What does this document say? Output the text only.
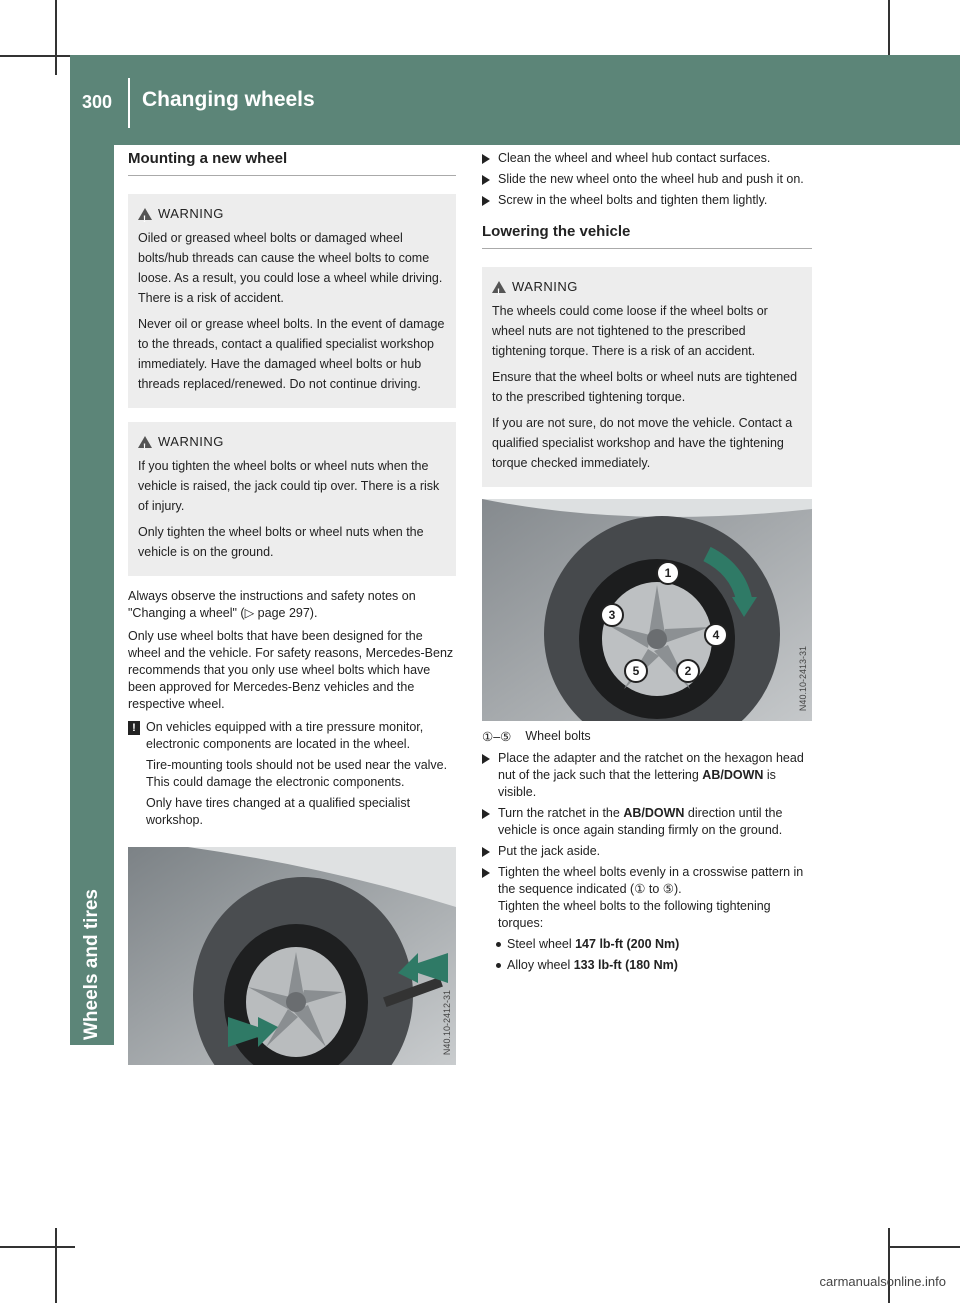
300 Changing wheels
Wheels and tires
Mounting a new wheel
!
WARNING

Oiled or greased wheel bolts or damaged wheel bolts/hub threads can cause the wheel bolts to come loose. As a result, you could lose a wheel while driving. There is a risk of accident.

Never oil or grease wheel bolts. In the event of damage to the threads, contact a qualified specialist workshop immediately. Have the damaged wheel bolts or hub threads replaced/renewed. Do not continue driving.

!
WARNING

If you tighten the wheel bolts or wheel nuts when the vehicle is raised, the jack could tip over. There is a risk of injury.

Only tighten the wheel bolts or wheel nuts when the vehicle is on the ground.

Always observe the instructions and safety notes on "Changing a wheel" (▷ page 297).

Only use wheel bolts that have been designed for the wheel and the vehicle. For safety reasons, Mercedes-Benz recommends that you only use wheel bolts which have been approved for Mercedes-Benz vehicles and the respective wheel.

! On vehicles equipped with a tire pressure monitor, electronic components are located in the wheel.

Tire-mounting tools should not be used near the valve. This could damage the electronic components.

Only have tires changed at a qualified specialist workshop.

N40.10-2412-31
Clean the wheel and wheel hub contact surfaces.
Slide the new wheel onto the wheel hub and push it on.
Screw in the wheel bolts and tighten them lightly.
Lowering the vehicle
!
WARNING

The wheels could come loose if the wheel bolts or wheel nuts are not tightened to the prescribed tightening torque. There is a risk of an accident.

Ensure that the wheel bolts or wheel nuts are tightened to the prescribed tightening torque.

If you are not sure, do not move the vehicle. Contact a qualified specialist workshop and have the tightening torque checked immediately.

1
2
3
4
5	N40.10-2413-31
①–⑤ Wheel bolts
Place the adapter and the ratchet on the hexagon head nut of the jack such that the lettering AB/DOWN is visible.
Turn the ratchet in the AB/DOWN direction until the vehicle is once again standing firmly on the ground.
Put the jack aside.
Tighten the wheel bolts evenly in a crosswise pattern in the sequence indicated (① to ⑤).
Tighten the wheel bolts to the following tightening torques:
Steel wheel 147 lb-ft (200 Nm)
Alloy wheel 133 lb-ft (180 Nm)
carmanualsonline.info
